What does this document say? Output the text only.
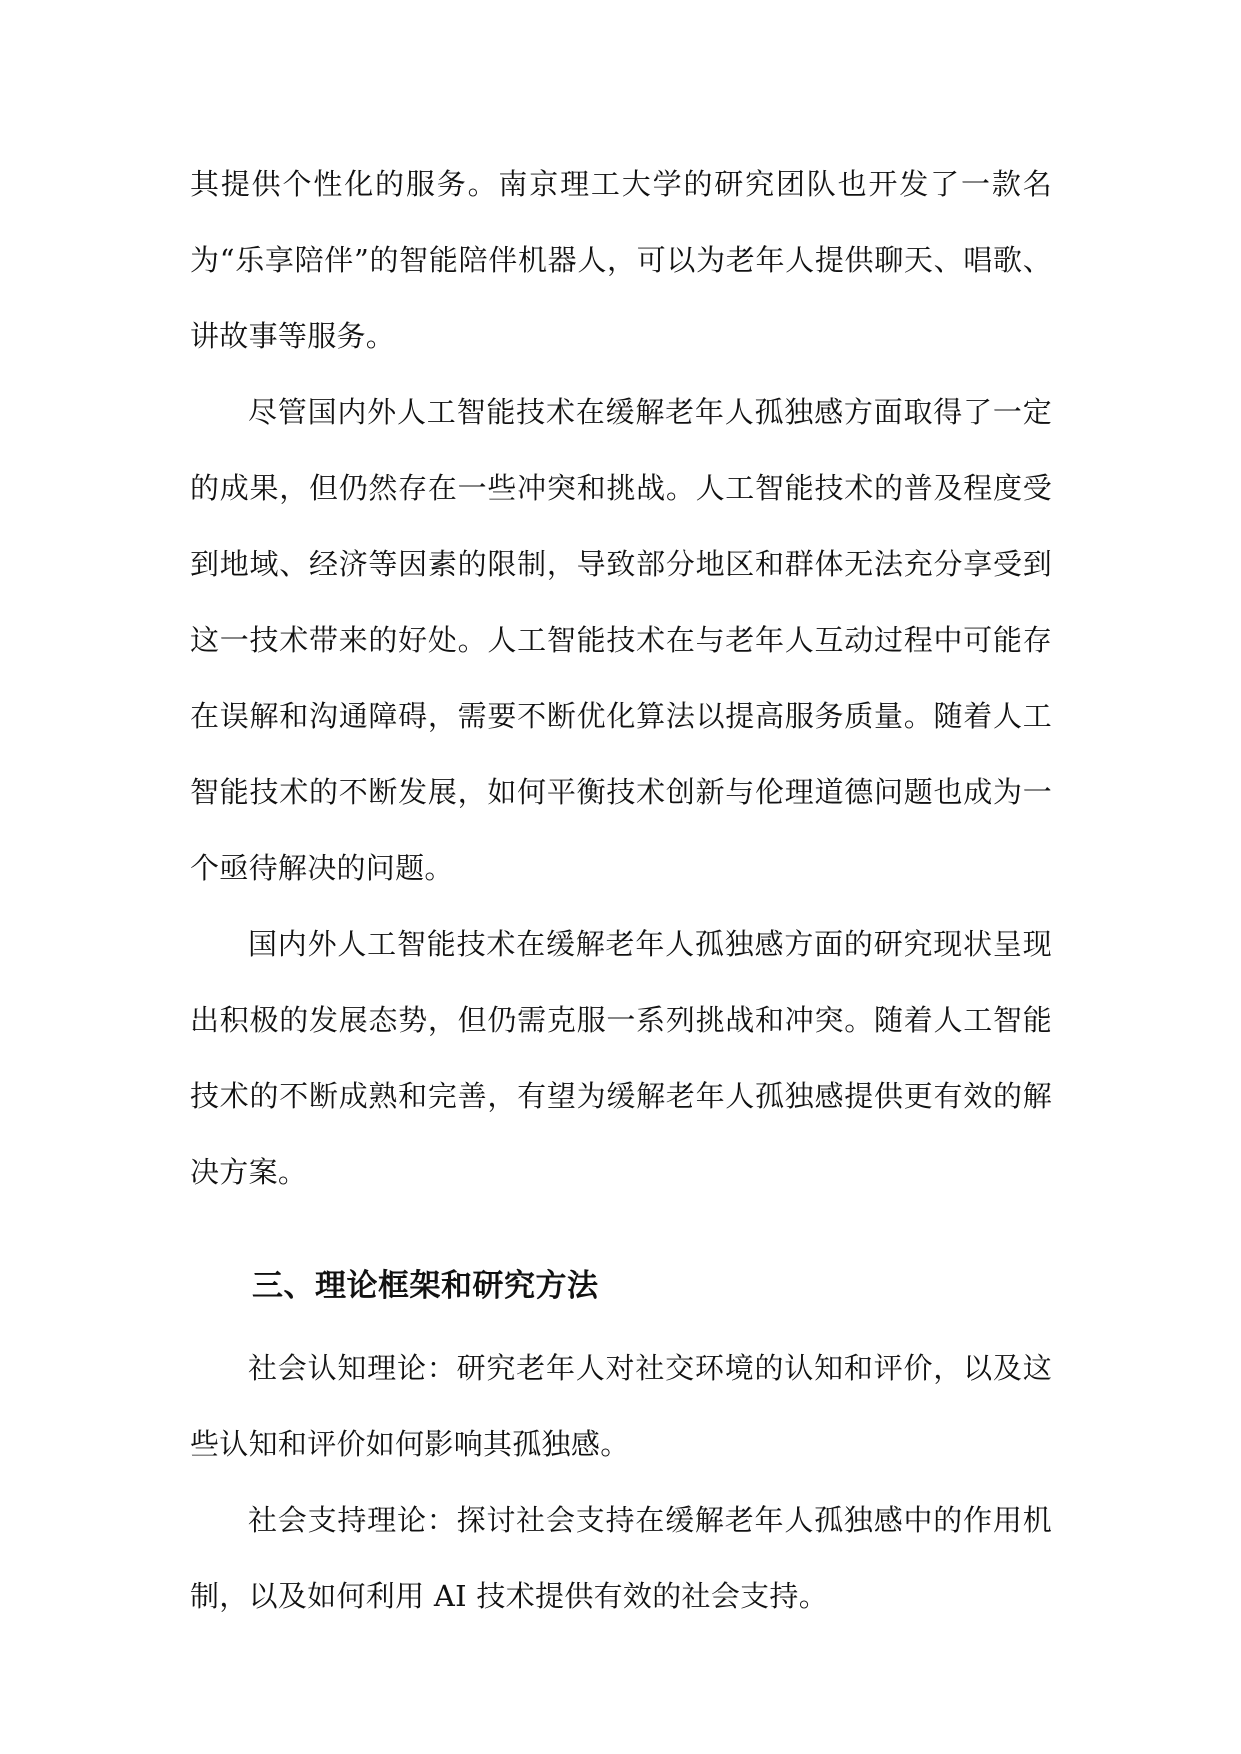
其提供个性化的服务。南京理工大学的研究团队也开发了一款名为“乐享陪伴”的智能陪伴机器人，可以为老年人提供聊天、唱歌、讲故事等服务。

尽管国内外人工智能技术在缓解老年人孤独感方面取得了一定的成果，但仍然存在一些冲突和挑战。人工智能技术的普及程度受到地域、经济等因素的限制，导致部分地区和群体无法充分享受到这一技术带来的好处。人工智能技术在与老年人互动过程中可能存在误解和沟通障碍，需要不断优化算法以提高服务质量。随着人工智能技术的不断发展，如何平衡技术创新与伦理道德问题也成为一个亟待解决的问题。

国内外人工智能技术在缓解老年人孤独感方面的研究现状呈现出积极的发展态势，但仍需克服一系列挑战和冲突。随着人工智能技术的不断成熟和完善，有望为缓解老年人孤独感提供更有效的解决方案。

三、理论框架和研究方法

社会认知理论：研究老年人对社交环境的认知和评价，以及这些认知和评价如何影响其孤独感。

社会支持理论：探讨社会支持在缓解老年人孤独感中的作用机制，以及如何利用 AI 技术提供有效的社会支持。
